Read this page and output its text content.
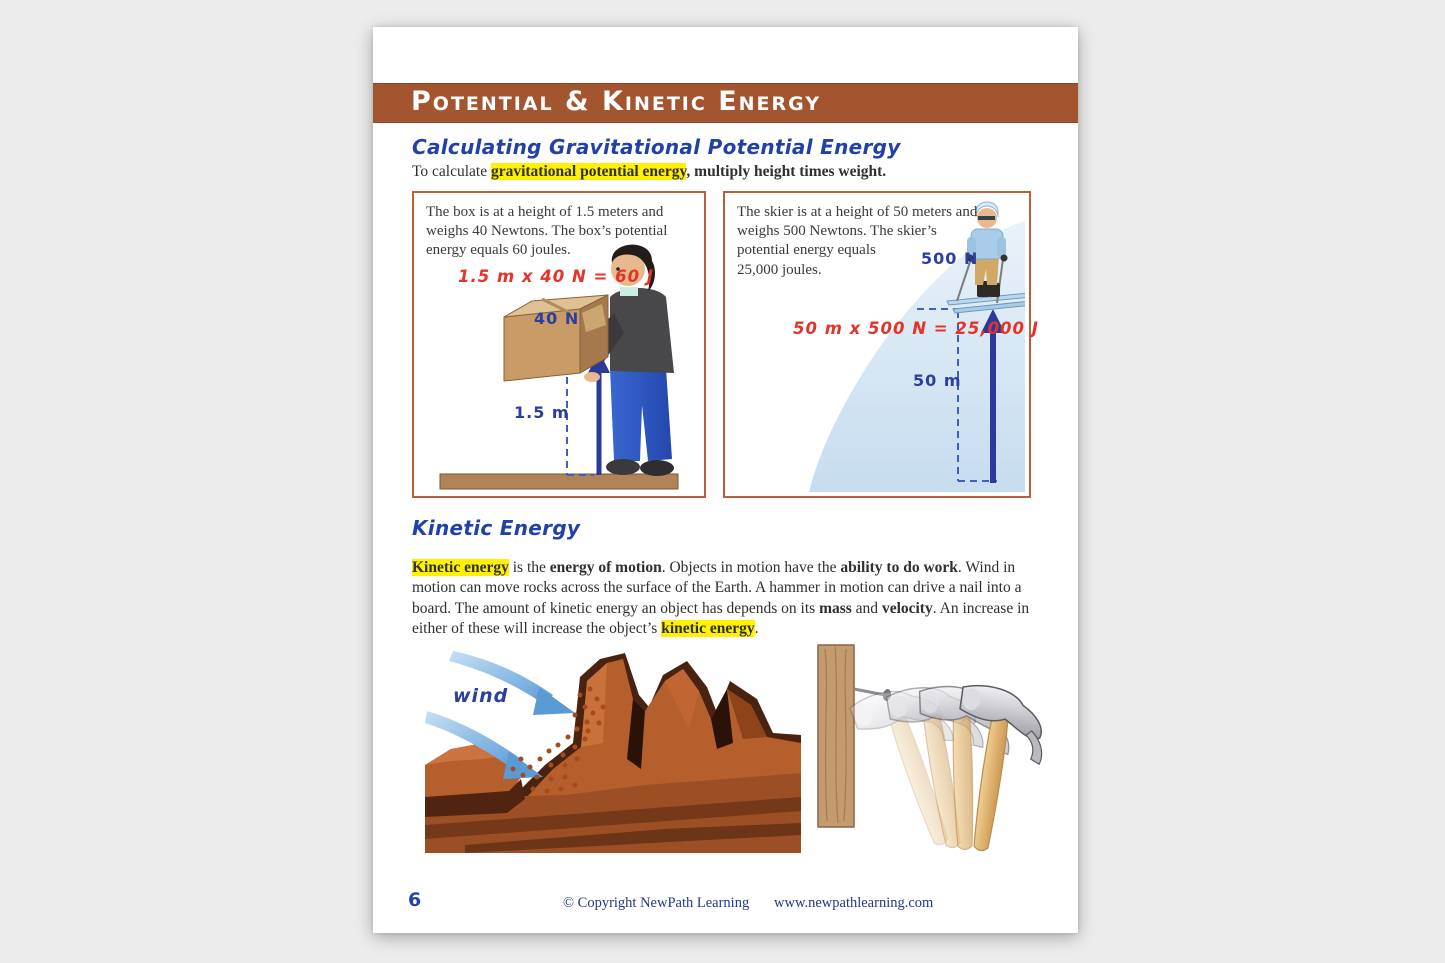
Potential & Kinetic Energy
Calculating Gravitational Potential Energy

To calculate gravitational potential energy, multiply height times weight.

The box is at a height of 1.5 meters and weighs 40 Newtons. The box’s potential energy equals 60 joules.

1.5 m x 40 N = 60 J
40 N
1.5 m

The skier is at a height of 50 meters and weighs 500 Newtons. The skier’s potential energy equals 25,000 joules.

50 m x 500 N = 25,000 J
500 N
50 m
Kinetic Energy

Kinetic energy is the energy of motion. Objects in motion have the ability to do work. Wind in motion can move rocks across the surface of the Earth. A hammer in motion can drive a nail into a board. The amount of kinetic energy an object has depends on its mass and velocity. An increase in either of these will increase the object’s kinetic energy.

wind
6	© Copyright NewPath Learning www.newpathlearning.com
